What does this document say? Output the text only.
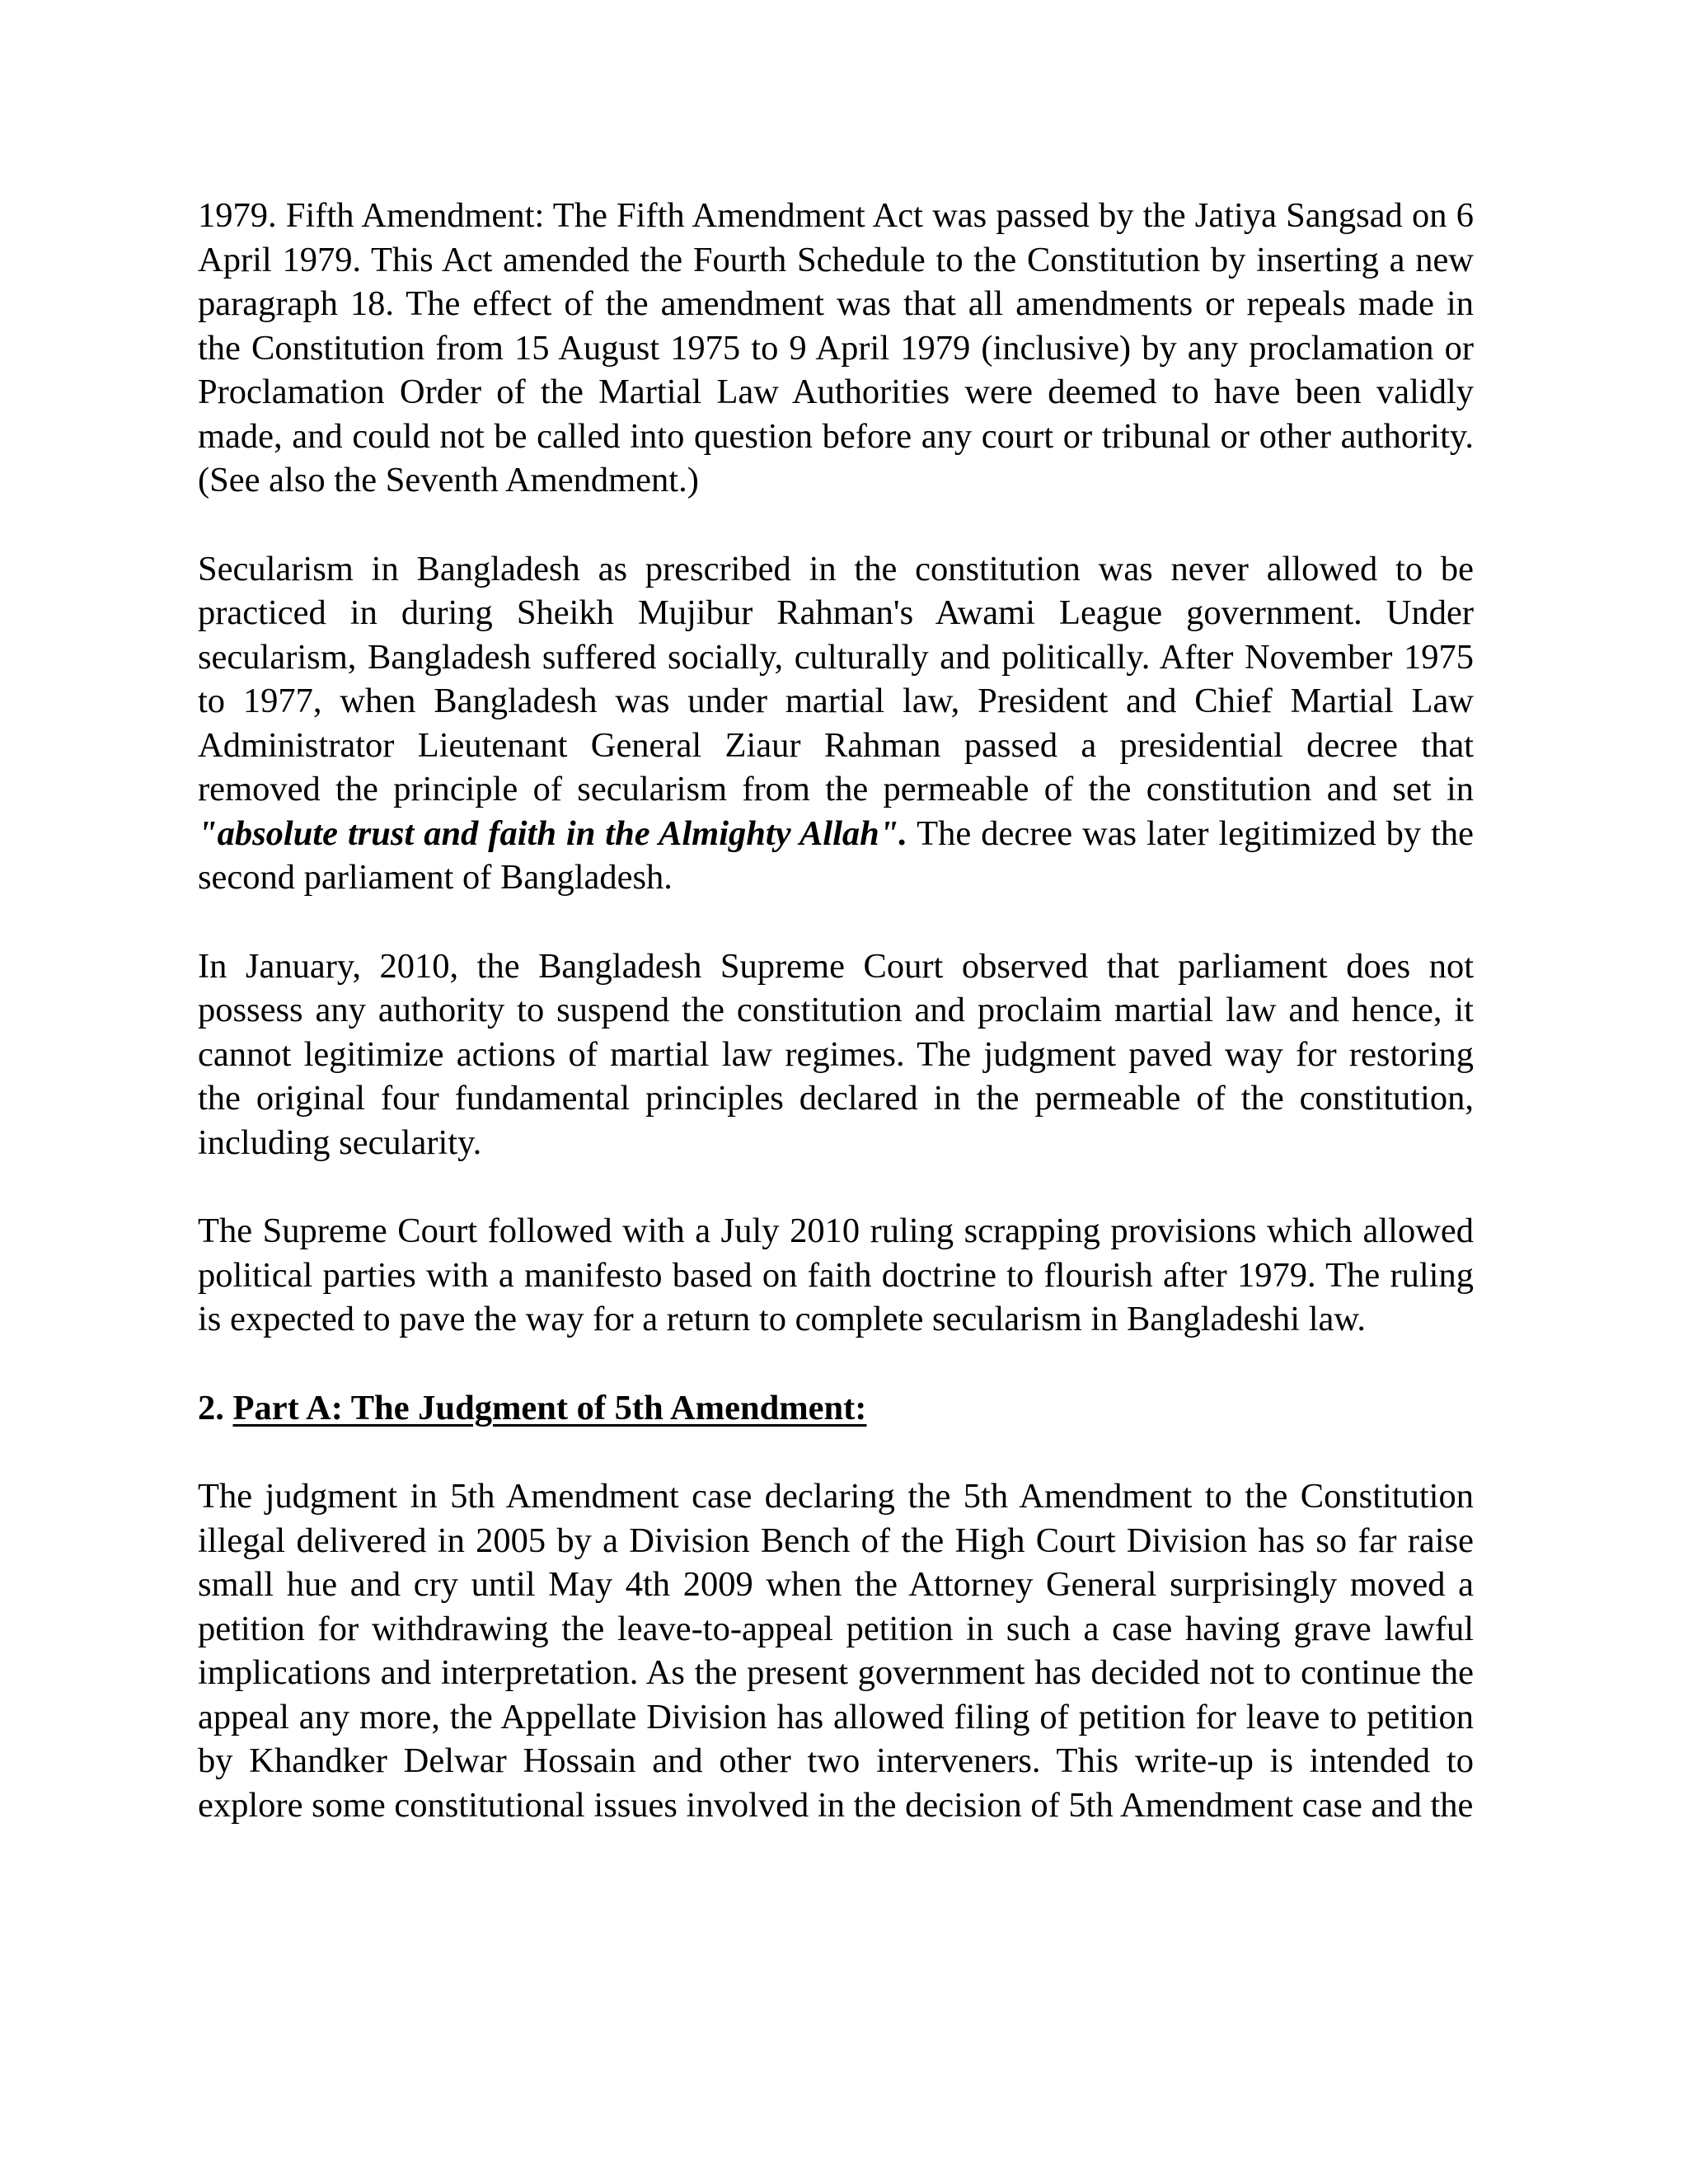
1979. Fifth Amendment: The Fifth Amendment Act was passed by the Jatiya Sangsad on 6 April 1979. This Act amended the Fourth Schedule to the Constitution by inserting a new paragraph 18. The effect of the amendment was that all amendments or repeals made in the Constitution from 15 August 1975 to 9 April 1979 (inclusive) by any proclamation or Proclamation Order of the Martial Law Authorities were deemed to have been validly made, and could not be called into question before any court or tribunal or other authority. (See also the Seventh Amendment.)

Secularism in Bangladesh as prescribed in the constitution was never allowed to be practiced in during Sheikh Mujibur Rahman's Awami League government. Under secularism, Bangladesh suffered socially, culturally and politically. After November 1975 to 1977, when Bangladesh was under martial law, President and Chief Martial Law Administrator Lieutenant General Ziaur Rahman passed a presidential decree that removed the principle of secularism from the permeable of the constitution and set in "absolute trust and faith in the Almighty Allah". The decree was later legitimized by the second parliament of Bangladesh.

In January, 2010, the Bangladesh Supreme Court observed that parliament does not possess any authority to suspend the constitution and proclaim martial law and hence, it cannot legitimize actions of martial law regimes. The judgment paved way for restoring the original four fundamental principles declared in the permeable of the constitution, including secularity.

The Supreme Court followed with a July 2010 ruling scrapping provisions which allowed political parties with a manifesto based on faith doctrine to flourish after 1979. The ruling is expected to pave the way for a return to complete secularism in Bangladeshi law.

2. Part A: The Judgment of 5th Amendment:

The judgment in 5th Amendment case declaring the 5th Amendment to the Constitution illegal delivered in 2005 by a Division Bench of the High Court Division has so far raise small hue and cry until May 4th 2009 when the Attorney General surprisingly moved a petition for withdrawing the leave-to-appeal petition in such a case having grave lawful implications and interpretation. As the present government has decided not to continue the appeal any more, the Appellate Division has allowed filing of petition for leave to petition by Khandker Delwar Hossain and other two interveners. This write-up is intended to explore some constitutional issues involved in the decision of 5th Amendment case and the
